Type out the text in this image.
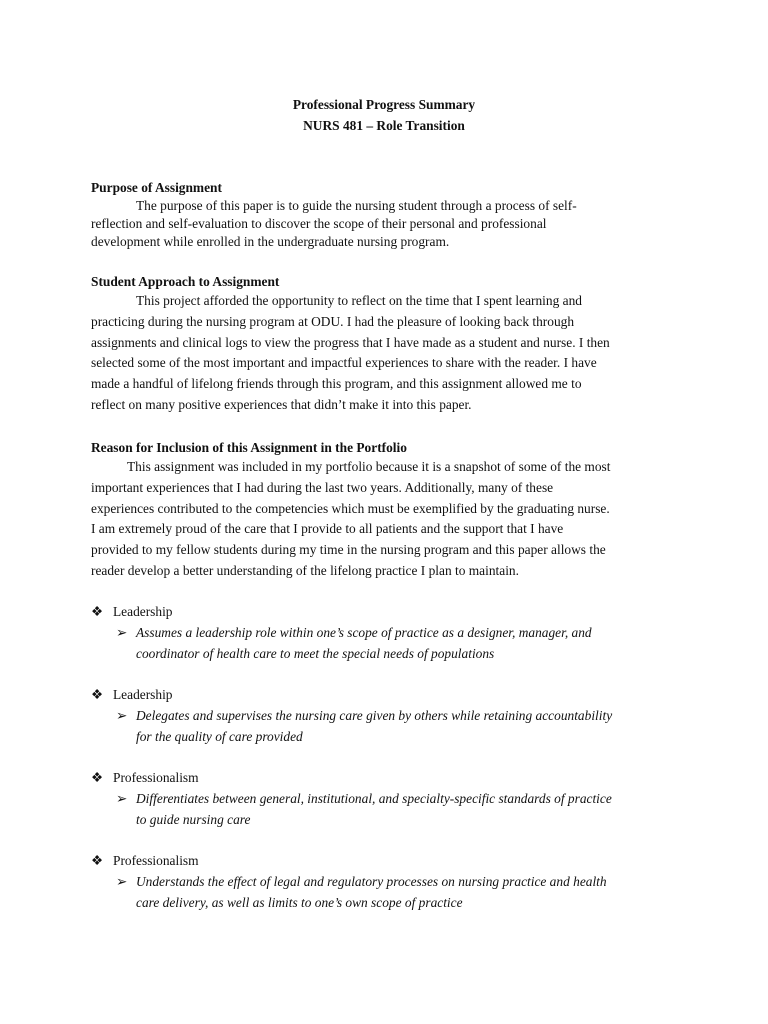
Professional Progress Summary

NURS 481 – Role Transition

Purpose of Assignment

The purpose of this paper is to guide the nursing student through a process of self-
reflection and self-evaluation to discover the scope of their personal and professional
development while enrolled in the undergraduate nursing program.

Student Approach to Assignment

This project afforded the opportunity to reflect on the time that I spent learning and
practicing during the nursing program at ODU. I had the pleasure of looking back through
assignments and clinical logs to view the progress that I have made as a student and nurse. I then
selected some of the most important and impactful experiences to share with the reader. I have
made a handful of lifelong friends through this program, and this assignment allowed me to
reflect on many positive experiences that didn’t make it into this paper.

Reason for Inclusion of this Assignment in the Portfolio

This assignment was included in my portfolio because it is a snapshot of some of the most
important experiences that I had during the last two years. Additionally, many of these
experiences contributed to the competencies which must be exemplified by the graduating nurse.
I am extremely proud of the care that I provide to all patients and the support that I have
provided to my fellow students during my time in the nursing program and this paper allows the
reader develop a better understanding of the lifelong practice I plan to maintain.
❖ Leadership
➢ Assumes a leadership role within one’s scope of practice as a designer, manager, and
coordinator of health care to meet the special needs of populations
❖ Leadership
➢ Delegates and supervises the nursing care given by others while retaining accountability
for the quality of care provided
❖ Professionalism
➢ Differentiates between general, institutional, and specialty-specific standards of practice
to guide nursing care
❖ Professionalism
➢ Understands the effect of legal and regulatory processes on nursing practice and health
care delivery, as well as limits to one’s own scope of practice
